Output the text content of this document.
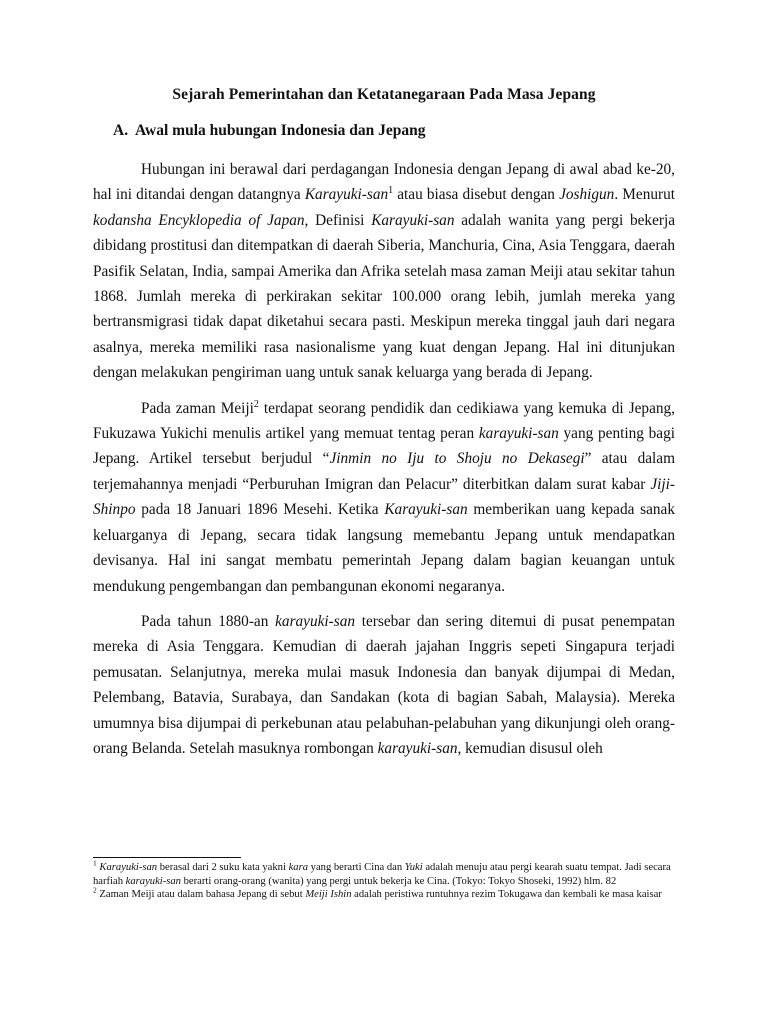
Sejarah Pemerintahan dan Ketatanegaraan Pada Masa Jepang
A. Awal mula hubungan Indonesia dan Jepang

Hubungan ini berawal dari perdagangan Indonesia dengan Jepang di awal abad ke-20, hal ini ditandai dengan datangnya Karayuki-san$^1$ atau biasa disebut dengan Joshigun. Menurut kodansha Encyklopedia of Japan, Definisi Karayuki-san adalah wanita yang pergi bekerja dibidang prostitusi dan ditempatkan di daerah Siberia, Manchuria, Cina, Asia Tenggara, daerah Pasifik Selatan, India, sampai Amerika dan Afrika setelah masa zaman Meiji atau sekitar tahun 1868. Jumlah mereka di perkirakan sekitar 100.000 orang lebih, jumlah mereka yang bertransmigrasi tidak dapat diketahui secara pasti. Meskipun mereka tinggal jauh dari negara asalnya, mereka memiliki rasa nasionalisme yang kuat dengan Jepang. Hal ini ditunjukan dengan melakukan pengiriman uang untuk sanak keluarga yang berada di Jepang.

Pada zaman Meiji$^2$ terdapat seorang pendidik dan cedikiawa yang kemuka di Jepang, Fukuzawa Yukichi menulis artikel yang memuat tentag peran karayuki-san yang penting bagi Jepang. Artikel tersebut berjudul “Jinmin no Iju to Shoju no Dekasegi” atau dalam terjemahannya menjadi “Perburuhan Imigran dan Pelacur” diterbitkan dalam surat kabar Jiji-Shinpo pada 18 Januari 1896 Mesehi. Ketika Karayuki-san memberikan uang kepada sanak keluarganya di Jepang, secara tidak langsung memebantu Jepang untuk mendapatkan devisanya. Hal ini sangat membatu pemerintah Jepang dalam bagian keuangan untuk mendukung pengembangan dan pembangunan ekonomi negaranya.

Pada tahun 1880-an karayuki-san tersebar dan sering ditemui di pusat penempatan mereka di Asia Tenggara. Kemudian di daerah jajahan Inggris sepeti Singapura terjadi pemusatan. Selanjutnya, mereka mulai masuk Indonesia dan banyak dijumpai di Medan, Pelembang, Batavia, Surabaya, dan Sandakan (kota di bagian Sabah, Malaysia). Mereka umumnya bisa dijumpai di perkebunan atau pelabuhan-pelabuhan yang dikunjungi oleh orang-orang Belanda. Setelah masuknya rombongan karayuki-san, kemudian disusul oleh

$^1$ Karayuki-san berasal dari 2 suku kata yakni kara yang berarti Cina dan Yuki adalah menuju atau pergi kearah suatu tempat. Jadi secara harfiah karayuki-san berarti orang-orang (wanita) yang pergi untuk bekerja ke Cina. (Tokyo: Tokyo Shoseki, 1992) hlm. 82

$^2$ Zaman Meiji atau dalam bahasa Jepang di sebut Meiji Ishin adalah peristiwa runtuhnya rezim Tokugawa dan kembali ke masa kaisar
